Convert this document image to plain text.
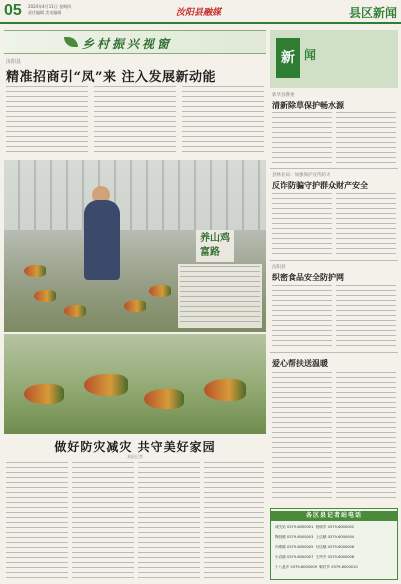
05 2024年4月11日 星期四
责任编辑 美术编辑	汝阳县融媒	县区新闻
乡村振兴视窗
汝阳县
精准招商引“凤”来 注入发展新动能
养山鸡
富路
做好防灾减灾 共守美好家园
本报记者
新 闻
新华县教委
清新除草保护畅水源
县林业局：加强保护宣传防火
反诈防骗守护群众财产安全
汝阳县
织密食品安全防护网
爱心帮扶送温暖
各区县记者站电话
城关站 0379-6000001 柏树乡 0379-6000002
陶营镇 0379-6000003 上店镇 0379-6000004
内埠镇 0379-6000005 付店镇 0379-6000006
小店镇 0379-6000007 王坪乡 0379-6000008
十八盘乡 0379-6000009 靳村乡 0379-6000010
